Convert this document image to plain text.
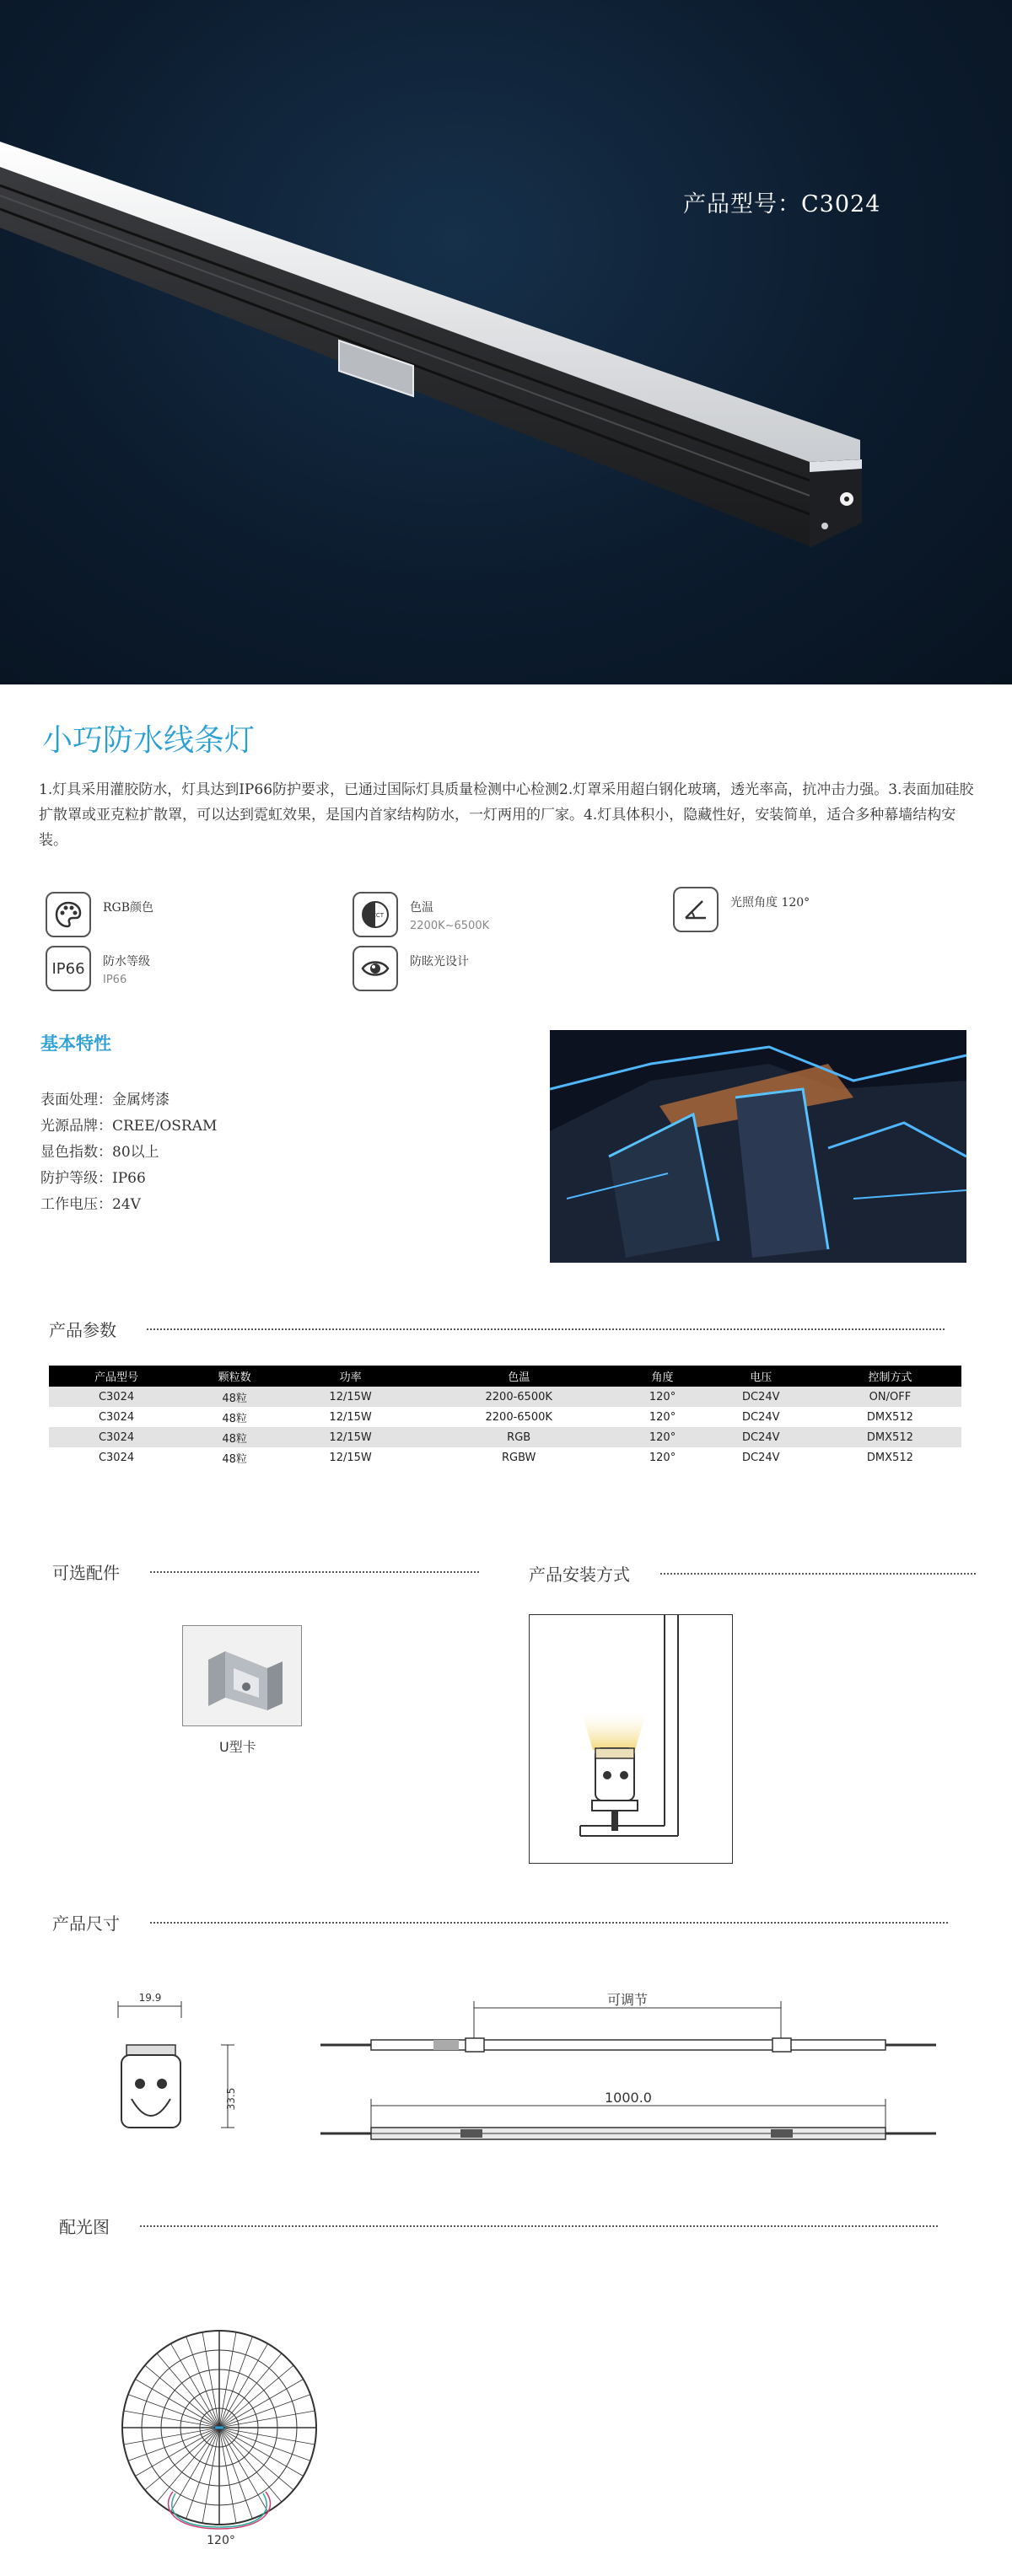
产品型号：C3024
小巧防水线条灯
1.灯具采用灌胶防水，灯具达到IP66防护要求，已通过国际灯具质量检测中心检测2.灯罩采用超白钢化玻璃，透光率高，抗冲击力强。3.表面加硅胶扩散罩或亚克粒扩散罩，可以达到霓虹效果，是国内首家结构防水，一灯两用的厂家。4.灯具体积小，隐藏性好，安装简单，适合多种幕墙结构安装。
RGB颜色
CCT
色温
2200K~6500K
光照角度 120°
IP66 防水等级
IP66
防眩光设计
基本特性
表面处理：金属烤漆
光源品牌：CREE/OSRAM
显色指数：80以上
防护等级：IP66
工作电压：24V
产品参数
产品型号	颗粒数	功率	色温	角度	电压	控制方式
C3024	48粒	12/15W	2200-6500K	120°	DC24V	ON/OFF
C3024	48粒	12/15W	2200-6500K	120°	DC24V	DMX512
C3024	48粒	12/15W	RGB	120°	DC24V	DMX512
C3024	48粒	12/15W	RGBW	120°	DC24V	DMX512
可选配件	产品安装方式
U型卡
产品尺寸
19.9
33.5
可调节
1000.0
配光图
120°
